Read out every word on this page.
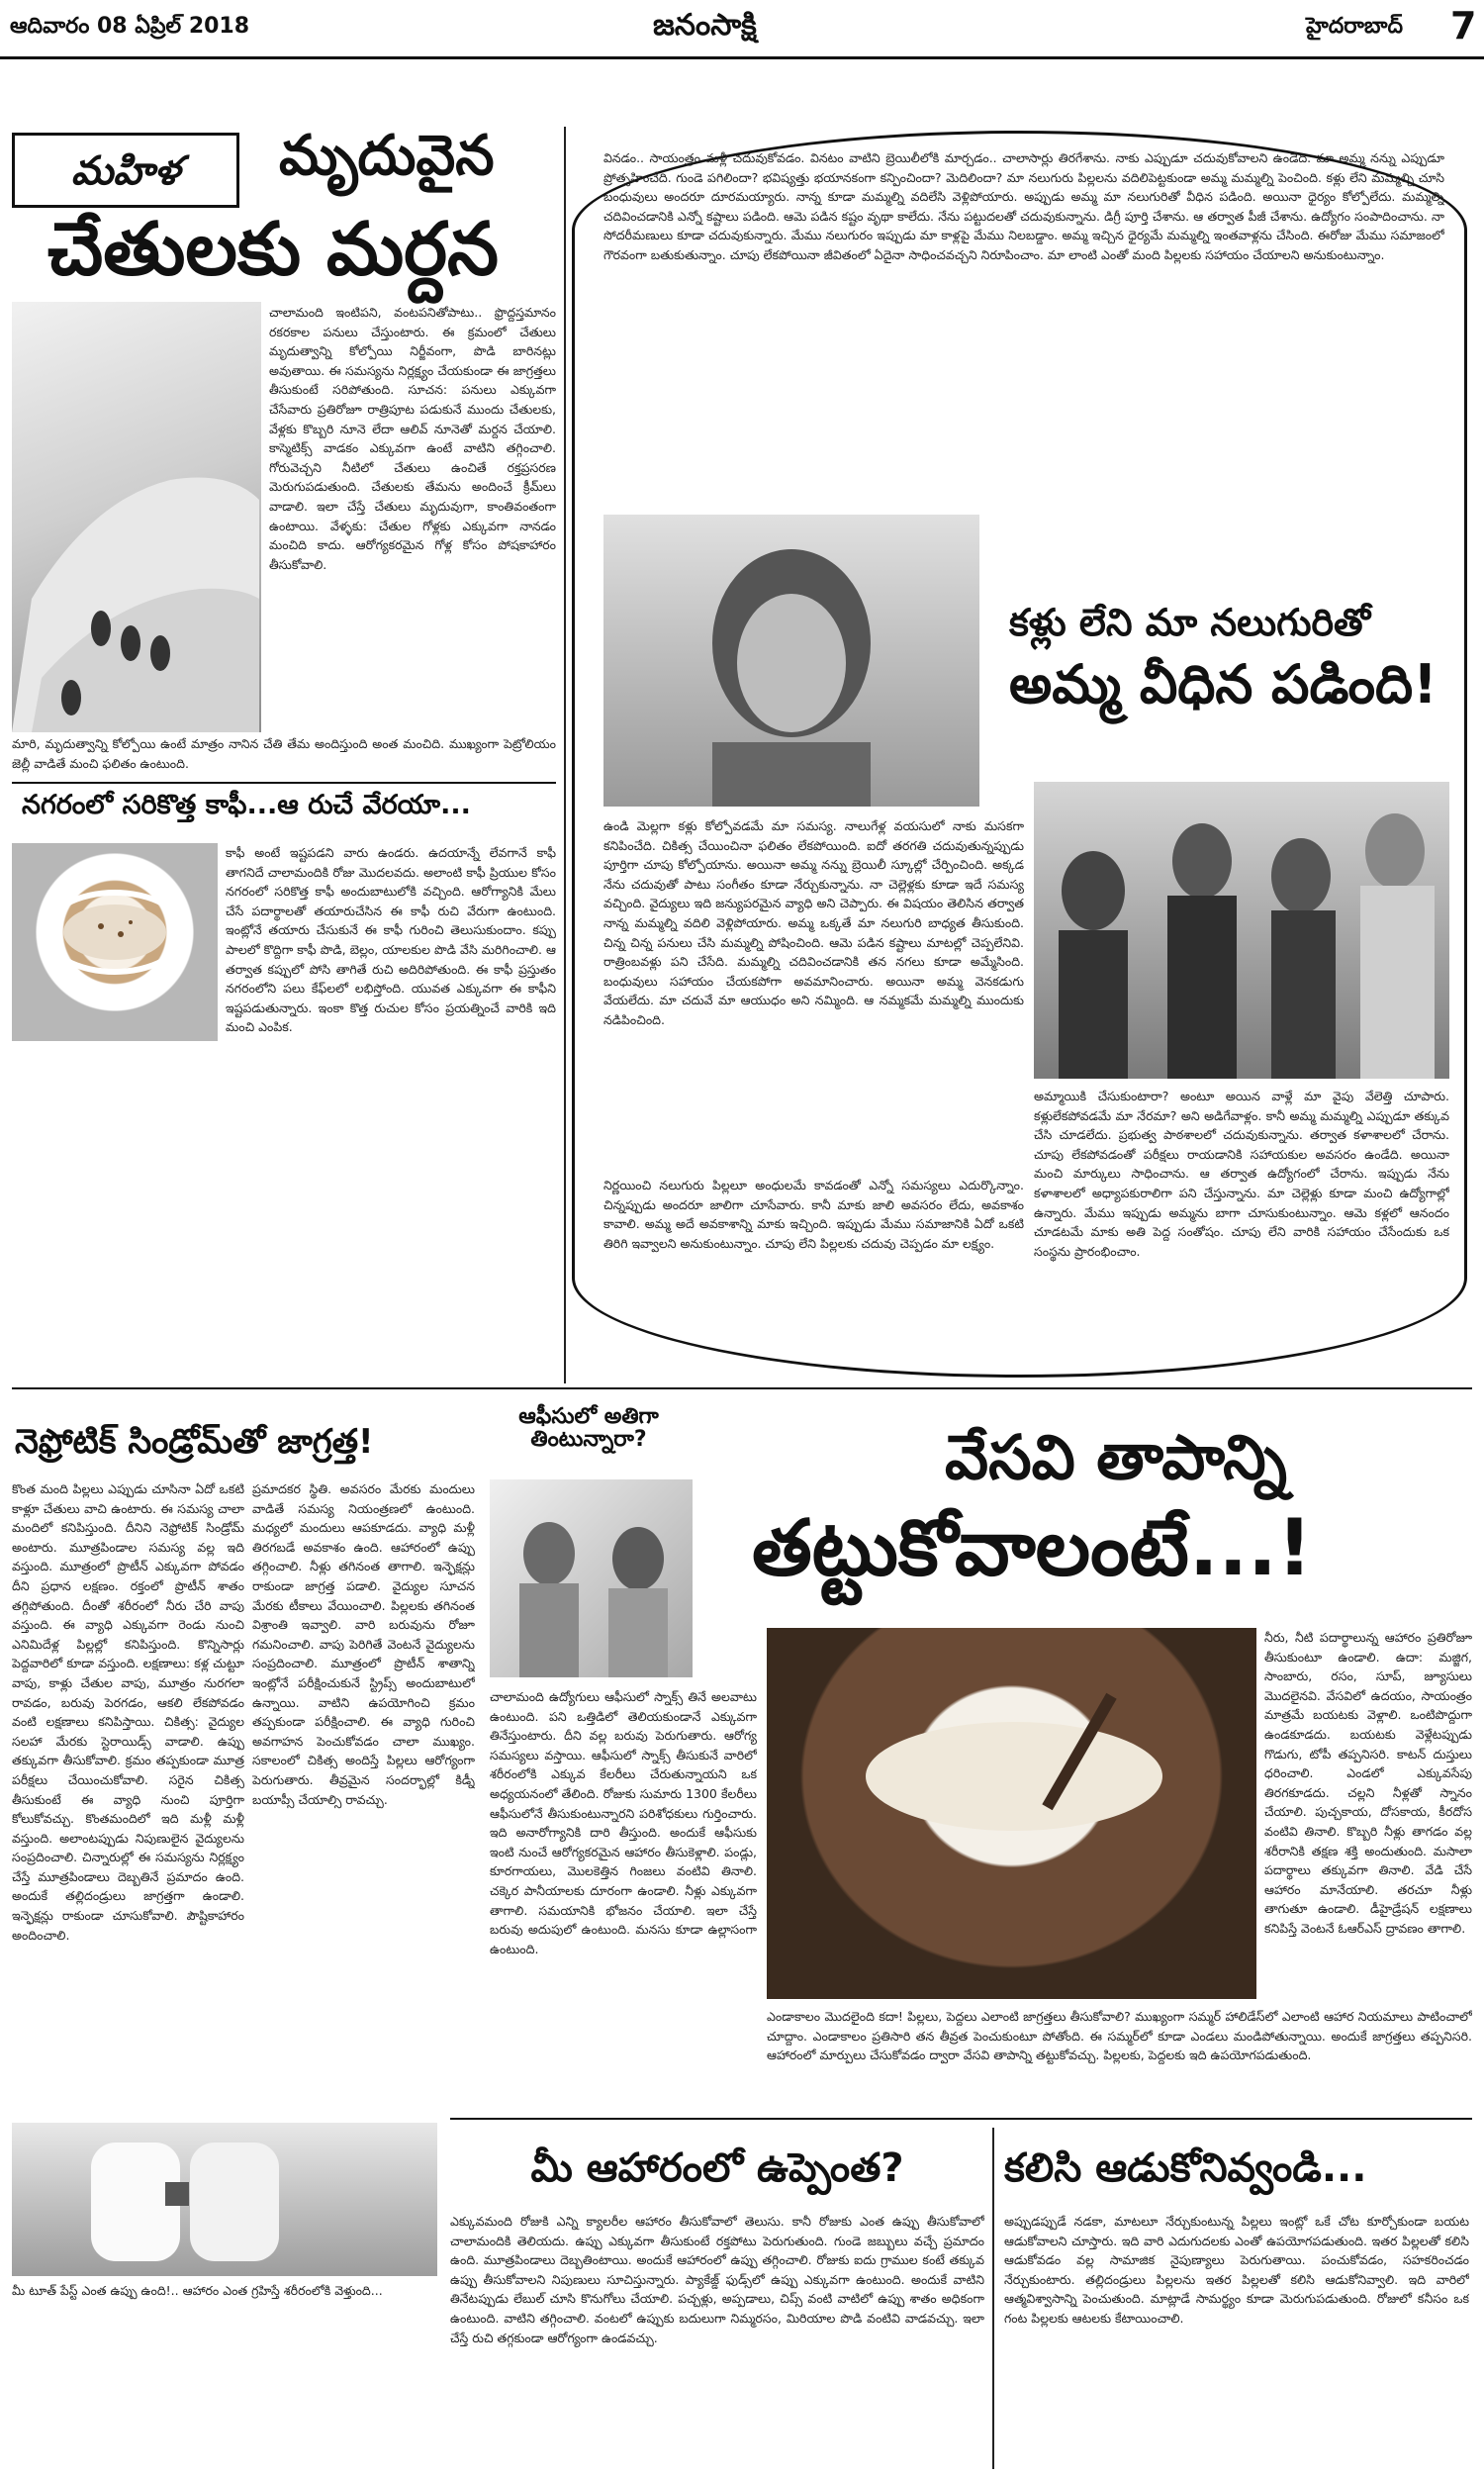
ఆదివారం 08 ఏప్రిల్ 2018	జనంసాక్షి	హైదరాబాద్ 7
మహిళ	మృదువైన
చేతులకు మర్దన
చాలామంది ఇంటిపని, వంటపనితోపాటు.. ఫ్రొద్దస్తమానం రకరకాల పనులు చేస్తుంటారు. ఈ క్రమంలో చేతులు మృదుత్వాన్ని కోల్పోయి నిర్జీవంగా, పొడి బారినట్లు అవుతాయి. ఈ సమస్యను నిర్లక్ష్యం చేయకుండా ఈ జాగ్రత్తలు తీసుకుంటే సరిపోతుంది. సూచన: పనులు ఎక్కువగా చేసేవారు ప్రతిరోజూ రాత్రిపూట పడుకునే ముందు చేతులకు, వేళ్లకు కొబ్బరి నూనె లేదా ఆలివ్ నూనెతో మర్దన చేయాలి. కాస్మెటిక్స్ వాడకం ఎక్కువగా ఉంటే వాటిని తగ్గించాలి. గోరువెచ్చని నీటిలో చేతులు ఉంచితే రక్తప్రసరణ మెరుగుపడుతుంది. చేతులకు తేమను అందించే క్రీమ్‌లు వాడాలి. ఇలా చేస్తే చేతులు మృదువుగా, కాంతివంతంగా ఉంటాయి. వేళ్ళకు: చేతుల గోళ్లకు ఎక్కువగా నానడం మంచిది కాదు. ఆరోగ్యకరమైన గోళ్ల కోసం పోషకాహారం తీసుకోవాలి.
మారి, మృదుత్వాన్ని కోల్పోయి ఉంటే మాత్రం నానిన చేతి తేమ అందిస్తుంది అంత మంచిది. ముఖ్యంగా పెట్రోలియం జెల్లీ వాడితే మంచి ఫలితం ఉంటుంది.
నగరంలో సరికొత్త కాఫీ...ఆ రుచే వేరయా...
కాఫీ అంటే ఇష్టపడని వారు ఉండరు. ఉదయాన్నే లేవగానే కాఫీ తాగనిదే చాలామందికి రోజు మొదలవదు. అలాంటి కాఫీ ప్రియుల కోసం నగరంలో సరికొత్త కాఫీ అందుబాటులోకి వచ్చింది. ఆరోగ్యానికి మేలు చేసే పదార్థాలతో తయారుచేసిన ఈ కాఫీ రుచి వేరుగా ఉంటుంది. ఇంట్లోనే తయారు చేసుకునే ఈ కాఫీ గురించి తెలుసుకుందాం. కప్పు పాలలో కొద్దిగా కాఫీ పొడి, బెల్లం, యాలకుల పొడి వేసి మరిగించాలి. ఆ తర్వాత కప్పులో పోసి తాగితే రుచి అదిరిపోతుంది. ఈ కాఫీ ప్రస్తుతం నగరంలోని పలు కేఫ్‌లలో లభిస్తోంది. యువత ఎక్కువగా ఈ కాఫీని ఇష్టపడుతున్నారు. ఇంకా కొత్త రుచుల కోసం ప్రయత్నించే వారికి ఇది మంచి ఎంపిక.
వినడం.. సాయంత్రం మళ్లీ చదువుకోవడం. వినటం వాటిని బ్రెయిలీలోకి మార్చడం.. చాలాసార్లు తిరగేశాను. నాకు ఎప్పుడూ చదువుకోవాలని ఉండేది. మా అమ్మ నన్ను ఎప్పుడూ ప్రోత్సహించేది. గుండె పగిలిందా? భవిష్యత్తు భయానకంగా కన్పించిందా? మెదిలిందా? మా నలుగురు పిల్లలను వదిలిపెట్టకుండా అమ్మ మమ్మల్ని పెంచింది. కళ్లు లేని మమ్మల్ని చూసి బంధువులు అందరూ దూరమయ్యారు. నాన్న కూడా మమ్మల్ని వదిలేసి వెళ్లిపోయారు. అప్పుడు అమ్మ మా నలుగురితో వీధిన పడింది. అయినా ధైర్యం కోల్పోలేదు. మమ్మల్ని చదివించడానికి ఎన్నో కష్టాలు పడింది. ఆమె పడిన కష్టం వృథా కాలేదు. నేను పట్టుదలతో చదువుకున్నాను. డిగ్రీ పూర్తి చేశాను. ఆ తర్వాత పీజీ చేశాను. ఉద్యోగం సంపాదించాను. నా సోదరీమణులు కూడా చదువుకున్నారు. మేము నలుగురం ఇప్పుడు మా కాళ్లపై మేము నిలబడ్డాం. అమ్మ ఇచ్చిన ధైర్యమే మమ్మల్ని ఇంతవాళ్లను చేసింది. ఈరోజు మేము సమాజంలో గౌరవంగా బతుకుతున్నాం. చూపు లేకపోయినా జీవితంలో ఏదైనా సాధించవచ్చని నిరూపించాం. మా లాంటి ఎంతో మంది పిల్లలకు సహాయం చేయాలని అనుకుంటున్నాం.
కళ్లు లేని మా నలుగురితో
అమ్మ వీధిన పడింది!
ఉండి మెల్లగా కళ్లు కోల్పోవడమే మా సమస్య. నాలుగేళ్ల వయసులో నాకు మసకగా కనిపించేది. చికిత్స చేయించినా ఫలితం లేకపోయింది. ఐదో తరగతి చదువుతున్నప్పుడు పూర్తిగా చూపు కోల్పోయాను. అయినా అమ్మ నన్ను బ్రెయిలీ స్కూల్లో చేర్పించింది. అక్కడ నేను చదువుతో పాటు సంగీతం కూడా నేర్చుకున్నాను. నా చెల్లెళ్లకు కూడా ఇదే సమస్య వచ్చింది. వైద్యులు ఇది జన్యుపరమైన వ్యాధి అని చెప్పారు. ఈ విషయం తెలిసిన తర్వాత నాన్న మమ్మల్ని వదిలి వెళ్లిపోయారు. అమ్మ ఒక్కతే మా నలుగురి బాధ్యత తీసుకుంది. చిన్న చిన్న పనులు చేసి మమ్మల్ని పోషించింది. ఆమె పడిన కష్టాలు మాటల్లో చెప్పలేనివి. రాత్రింబవళ్లు పని చేసేది. మమ్మల్ని చదివించడానికి తన నగలు కూడా అమ్మేసింది. బంధువులు సహాయం చేయకపోగా అవమానించారు. అయినా అమ్మ వెనకడుగు వేయలేదు. మా చదువే మా ఆయుధం అని నమ్మింది. ఆ నమ్మకమే మమ్మల్ని ముందుకు నడిపించింది.
అమ్మాయికి చేసుకుంటారా? అంటూ అయిన వాళ్లే మా వైపు వేలెత్తి చూపారు. కళ్లులేకపోవడమే మా నేరమా? అని అడిగేవాళ్లం. కానీ అమ్మ మమ్మల్ని ఎప్పుడూ తక్కువ చేసి చూడలేదు. ప్రభుత్వ పాఠశాలలో చదువుకున్నాను. తర్వాత కళాశాలలో చేరాను. చూపు లేకపోవడంతో పరీక్షలు రాయడానికి సహాయకుల అవసరం ఉండేది. అయినా మంచి మార్కులు సాధించాను. ఆ తర్వాత ఉద్యోగంలో చేరాను. ఇప్పుడు నేను కళాశాలలో అధ్యాపకురాలిగా పని చేస్తున్నాను. మా చెల్లెళ్లు కూడా మంచి ఉద్యోగాల్లో ఉన్నారు. మేము ఇప్పుడు అమ్మను బాగా చూసుకుంటున్నాం. ఆమె కళ్లలో ఆనందం చూడటమే మాకు అతి పెద్ద సంతోషం. చూపు లేని వారికి సహాయం చేసేందుకు ఒక సంస్థను ప్రారంభించాం.
నిర్ణయించి నలుగురు పిల్లలూ అంధులమే కావడంతో ఎన్నో సమస్యలు ఎదుర్కొన్నాం. చిన్నప్పుడు అందరూ జాలిగా చూసేవారు. కానీ మాకు జాలి అవసరం లేదు, అవకాశం కావాలి. అమ్మ అదే అవకాశాన్ని మాకు ఇచ్చింది. ఇప్పుడు మేము సమాజానికి ఏదో ఒకటి తిరిగి ఇవ్వాలని అనుకుంటున్నాం. చూపు లేని పిల్లలకు చదువు చెప్పడం మా లక్ష్యం.
నెఫ్రోటిక్ సిండ్రోమ్‌తో జాగ్రత్త!
కొంత మంది పిల్లలు ఎప్పుడు చూసినా ఏదో ఒకటి కాళ్లూ చేతులు వాచి ఉంటారు. ఈ సమస్య చాలా మందిలో కనిపిస్తుంది. దీనిని నెఫ్రోటిక్ సిండ్రోమ్ అంటారు. మూత్రపిండాల సమస్య వల్ల ఇది వస్తుంది. మూత్రంలో ప్రొటీన్ ఎక్కువగా పోవడం దీని ప్రధాన లక్షణం. రక్తంలో ప్రొటీన్ శాతం తగ్గిపోతుంది. దీంతో శరీరంలో నీరు చేరి వాపు వస్తుంది. ఈ వ్యాధి ఎక్కువగా రెండు నుంచి ఎనిమిదేళ్ల పిల్లల్లో కనిపిస్తుంది. కొన్నిసార్లు పెద్దవారిలో కూడా వస్తుంది. లక్షణాలు: కళ్ల చుట్టూ వాపు, కాళ్లు చేతుల వాపు, మూత్రం నురగలా రావడం, బరువు పెరగడం, ఆకలి లేకపోవడం వంటి లక్షణాలు కనిపిస్తాయి. చికిత్స: వైద్యుల సలహా మేరకు స్టెరాయిడ్స్ వాడాలి. ఉప్పు తక్కువగా తీసుకోవాలి. క్రమం తప్పకుండా మూత్ర పరీక్షలు చేయించుకోవాలి. సరైన చికిత్స తీసుకుంటే ఈ వ్యాధి నుంచి పూర్తిగా కోలుకోవచ్చు. కొంతమందిలో ఇది మళ్లీ మళ్లీ వస్తుంది. అలాంటప్పుడు నిపుణులైన వైద్యులను సంప్రదించాలి. చిన్నారుల్లో ఈ సమస్యను నిర్లక్ష్యం చేస్తే మూత్రపిండాలు దెబ్బతినే ప్రమాదం ఉంది. అందుకే తల్లిదండ్రులు జాగ్రత్తగా ఉండాలి. ఇన్ఫెక్షన్లు రాకుండా చూసుకోవాలి. పౌష్టికాహారం అందించాలి.
ప్రమాదకర స్థితి. అవసరం మేరకు మందులు వాడితే సమస్య నియంత్రణలో ఉంటుంది. మధ్యలో మందులు ఆపకూడదు. వ్యాధి మళ్లీ తిరగబడే అవకాశం ఉంది. ఆహారంలో ఉప్పు తగ్గించాలి. నీళ్లు తగినంత తాగాలి. ఇన్ఫెక్షన్లు రాకుండా జాగ్రత్త పడాలి. వైద్యుల సూచన మేరకు టీకాలు వేయించాలి. పిల్లలకు తగినంత విశ్రాంతి ఇవ్వాలి. వారి బరువును రోజూ గమనించాలి. వాపు పెరిగితే వెంటనే వైద్యులను సంప్రదించాలి. మూత్రంలో ప్రొటీన్ శాతాన్ని ఇంట్లోనే పరీక్షించుకునే స్ట్రిప్స్ అందుబాటులో ఉన్నాయి. వాటిని ఉపయోగించి క్రమం తప్పకుండా పరీక్షించాలి. ఈ వ్యాధి గురించి అవగాహన పెంచుకోవడం చాలా ముఖ్యం. సకాలంలో చికిత్స అందిస్తే పిల్లలు ఆరోగ్యంగా పెరుగుతారు. తీవ్రమైన సందర్భాల్లో కిడ్నీ బయాప్సీ చేయాల్సి రావచ్చు.
మీ టూత్ పేస్ట్ ఎంత ఉప్పు ఉంది!.. ఆహారం ఎంత గ్రహిస్తే శరీరంలోకి వెళ్తుంది...
ఆఫీసులో అతిగా తింటున్నారా?
చాలామంది ఉద్యోగులు ఆఫీసులో స్నాక్స్ తినే అలవాటు ఉంటుంది. పని ఒత్తిడిలో తెలియకుండానే ఎక్కువగా తినేస్తుంటారు. దీని వల్ల బరువు పెరుగుతారు. ఆరోగ్య సమస్యలు వస్తాయి. ఆఫీసులో స్నాక్స్ తీసుకునే వారిలో శరీరంలోకి ఎక్కువ కేలరీలు చేరుతున్నాయని ఒక అధ్యయనంలో తేలింది. రోజుకు సుమారు 1300 కేలరీలు ఆఫీసులోనే తీసుకుంటున్నారని పరిశోధకులు గుర్తించారు. ఇది అనారోగ్యానికి దారి తీస్తుంది. అందుకే ఆఫీసుకు ఇంటి నుంచే ఆరోగ్యకరమైన ఆహారం తీసుకెళ్లాలి. పండ్లు, కూరగాయలు, మొలకెత్తిన గింజలు వంటివి తినాలి. చక్కెర పానీయాలకు దూరంగా ఉండాలి. నీళ్లు ఎక్కువగా తాగాలి. సమయానికి భోజనం చేయాలి. ఇలా చేస్తే బరువు అదుపులో ఉంటుంది. మనసు కూడా ఉల్లాసంగా ఉంటుంది.
వేసవి తాపాన్ని
తట్టుకోవాలంటే...!
నీరు, నీటి పదార్థాలున్న ఆహారం ప్రతిరోజూ తీసుకుంటూ ఉండాలి. ఉదా: మజ్జిగ, సాంబారు, రసం, సూప్, జ్యూసులు మొదలైనవి. వేసవిలో ఉదయం, సాయంత్రం మాత్రమే బయటకు వెళ్లాలి. ఒంటిపొద్దుగా ఉండకూడదు. బయటకు వెళ్లేటప్పుడు గొడుగు, టోపీ తప్పనిసరి. కాటన్ దుస్తులు ధరించాలి. ఎండలో ఎక్కువసేపు తిరగకూడదు. చల్లని నీళ్లతో స్నానం చేయాలి. పుచ్చకాయ, దోసకాయ, కీరదోస వంటివి తినాలి. కొబ్బరి నీళ్లు తాగడం వల్ల శరీరానికి తక్షణ శక్తి అందుతుంది. మసాలా పదార్థాలు తక్కువగా తినాలి. వేడి చేసే ఆహారం మానేయాలి. తరచూ నీళ్లు తాగుతూ ఉండాలి. డీహైడ్రేషన్ లక్షణాలు కనిపిస్తే వెంటనే ఓఆర్ఎస్ ద్రావణం తాగాలి.
ఎండాకాలం మొదలైంది కదా! పిల్లలు, పెద్దలు ఎలాంటి జాగ్రత్తలు తీసుకోవాలి? ముఖ్యంగా సమ్మర్ హాలిడేస్‌లో ఎలాంటి ఆహార నియమాలు పాటించాలో చూద్దాం. ఎండాకాలం ప్రతిసారి తన తీవ్రత పెంచుకుంటూ పోతోంది. ఈ సమ్మర్‌లో కూడా ఎండలు మండిపోతున్నాయి. అందుకే జాగ్రత్తలు తప్పనిసరి. ఆహారంలో మార్పులు చేసుకోవడం ద్వారా వేసవి తాపాన్ని తట్టుకోవచ్చు. పిల్లలకు, పెద్దలకు ఇది ఉపయోగపడుతుంది.
మీ ఆహారంలో ఉప్పెంత?
ఎక్కువమంది రోజుకి ఎన్ని క్యాలరీల ఆహారం తీసుకోవాలో తెలుసు. కానీ రోజుకు ఎంత ఉప్పు తీసుకోవాలో చాలామందికి తెలియదు. ఉప్పు ఎక్కువగా తీసుకుంటే రక్తపోటు పెరుగుతుంది. గుండె జబ్బులు వచ్చే ప్రమాదం ఉంది. మూత్రపిండాలు దెబ్బతింటాయి. అందుకే ఆహారంలో ఉప్పు తగ్గించాలి. రోజుకు ఐదు గ్రాముల కంటే తక్కువ ఉప్పు తీసుకోవాలని నిపుణులు సూచిస్తున్నారు. ప్యాకేజ్డ్ ఫుడ్స్‌లో ఉప్పు ఎక్కువగా ఉంటుంది. అందుకే వాటిని తినేటప్పుడు లేబుల్ చూసి కొనుగోలు చేయాలి. పచ్చళ్లు, అప్పడాలు, చిప్స్ వంటి వాటిలో ఉప్పు శాతం అధికంగా ఉంటుంది. వాటిని తగ్గించాలి. వంటలో ఉప్పుకు బదులుగా నిమ్మరసం, మిరియాల పొడి వంటివి వాడవచ్చు. ఇలా చేస్తే రుచి తగ్గకుండా ఆరోగ్యంగా ఉండవచ్చు.
కలిసి ఆడుకోనివ్వండి...
అప్పుడప్పుడే నడకా, మాటలూ నేర్చుకుంటున్న పిల్లలు ఇంట్లో ఒకే చోట కూర్చోకుండా బయట ఆడుకోవాలని చూస్తారు. ఇది వారి ఎదుగుదలకు ఎంతో ఉపయోగపడుతుంది. ఇతర పిల్లలతో కలిసి ఆడుకోవడం వల్ల సామాజిక నైపుణ్యాలు పెరుగుతాయి. పంచుకోవడం, సహకరించడం నేర్చుకుంటారు. తల్లిదండ్రులు పిల్లలను ఇతర పిల్లలతో కలిసి ఆడుకోనివ్వాలి. ఇది వారిలో ఆత్మవిశ్వాసాన్ని పెంచుతుంది. మాట్లాడే సామర్థ్యం కూడా మెరుగుపడుతుంది. రోజులో కనీసం ఒక గంట పిల్లలకు ఆటలకు కేటాయించాలి.
